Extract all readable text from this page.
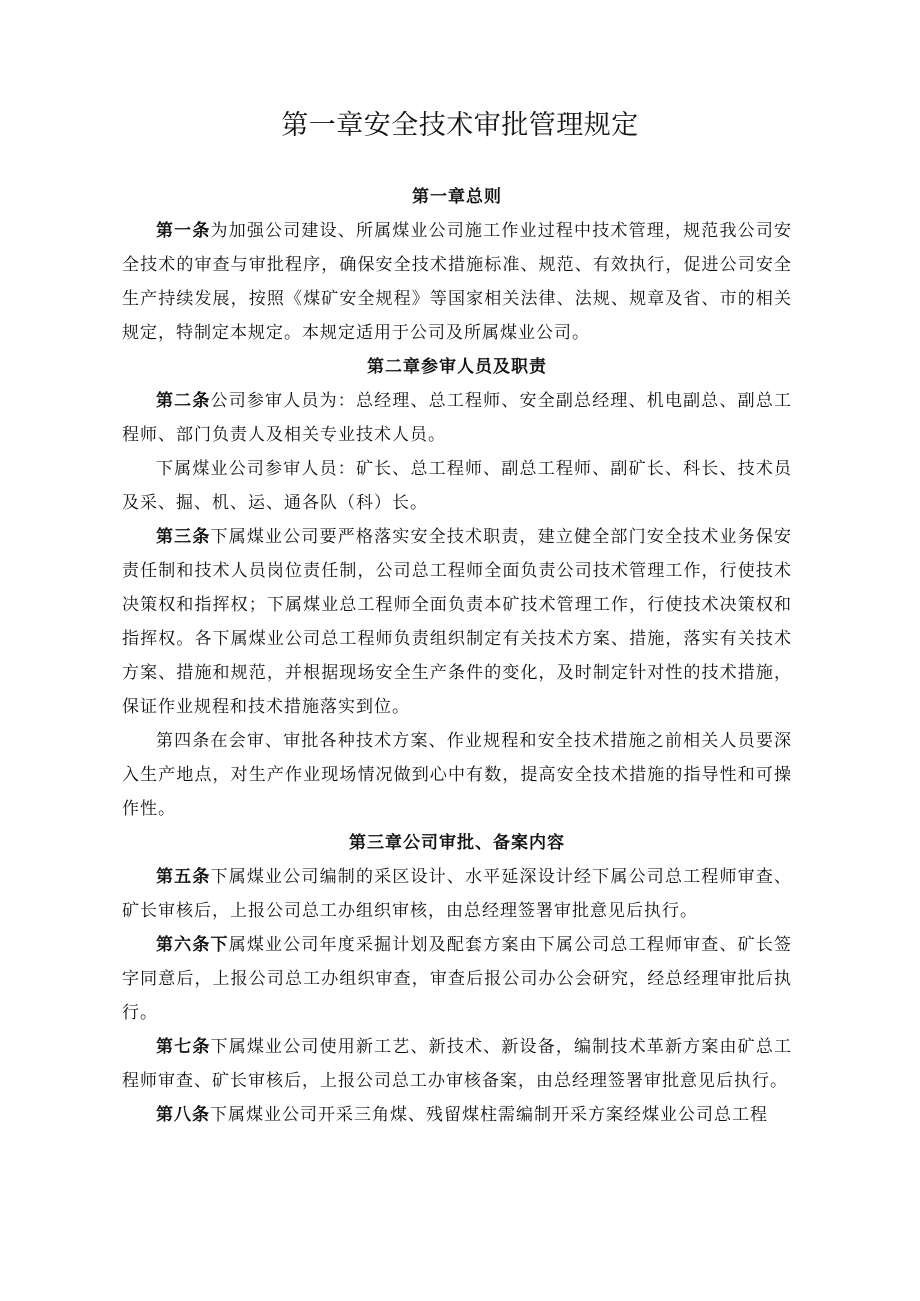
第一章安全技术审批管理规定

第一章总则

第一条为加强公司建设、所属煤业公司施工作业过程中技术管理，规范我公司安全技术的审查与审批程序，确保安全技术措施标准、规范、有效执行，促进公司安全生产持续发展，按照《煤矿安全规程》等国家相关法律、法规、规章及省、市的相关规定，特制定本规定。本规定适用于公司及所属煤业公司。

第二章参审人员及职责

第二条公司参审人员为：总经理、总工程师、安全副总经理、机电副总、副总工程师、部门负责人及相关专业技术人员。

下属煤业公司参审人员：矿长、总工程师、副总工程师、副矿长、科长、技术员及采、掘、机、运、通各队（科）长。

第三条下属煤业公司要严格落实安全技术职责，建立健全部门安全技术业务保安责任制和技术人员岗位责任制，公司总工程师全面负责公司技术管理工作，行使技术决策权和指挥权；下属煤业总工程师全面负责本矿技术管理工作，行使技术决策权和指挥权。各下属煤业公司总工程师负责组织制定有关技术方案、措施，落实有关技术方案、措施和规范，并根据现场安全生产条件的变化，及时制定针对性的技术措施，保证作业规程和技术措施落实到位。

第四条在会审、审批各种技术方案、作业规程和安全技术措施之前相关人员要深入生产地点，对生产作业现场情况做到心中有数，提高安全技术措施的指导性和可操作性。

第三章公司审批、备案内容

第五条下属煤业公司编制的采区设计、水平延深设计经下属公司总工程师审查、矿长审核后，上报公司总工办组织审核，由总经理签署审批意见后执行。

第六条下属煤业公司年度采掘计划及配套方案由下属公司总工程师审查、矿长签字同意后，上报公司总工办组织审查，审查后报公司办公会研究，经总经理审批后执行。

第七条下属煤业公司使用新工艺、新技术、新设备，编制技术革新方案由矿总工程师审查、矿长审核后，上报公司总工办审核备案，由总经理签署审批意见后执行。

第八条下属煤业公司开采三角煤、残留煤柱需编制开采方案经煤业公司总工程
